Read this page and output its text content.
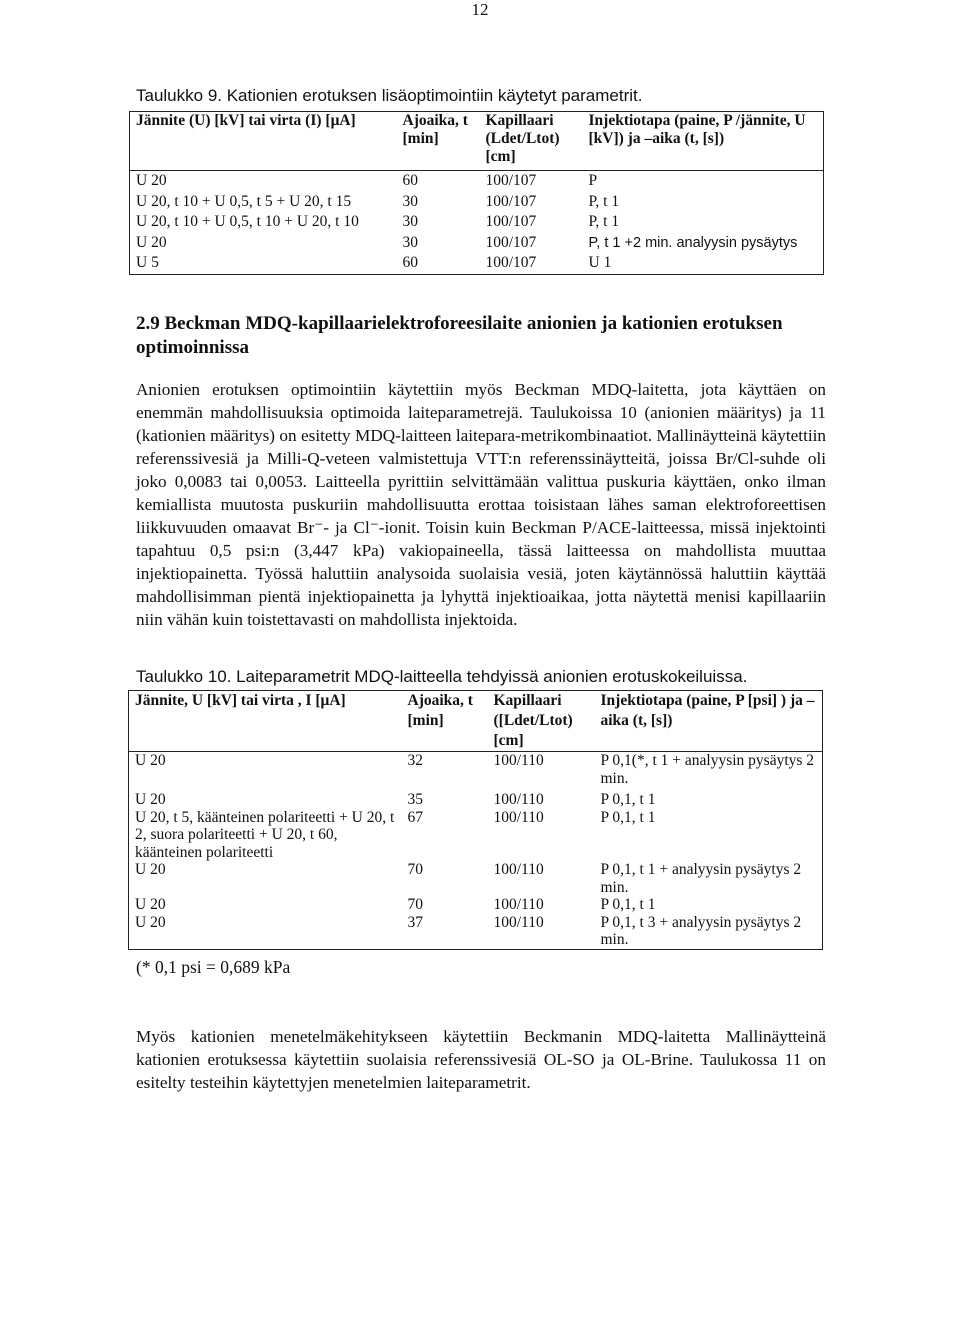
12
Taulukko 9. Kationien erotuksen lisäoptimointiin käytetyt parametrit.
Jännite (U) [kV] tai virta (I) [μA]	Ajoaika, t [min]	Kapillaari (Ldet/Ltot) [cm]	Injektiotapa (paine, P /jännite, U [kV]) ja –aika (t, [s])

U 20	60	100/107	P
U 20, t 10 + U 0,5, t 5 + U 20, t 15	30	100/107	P, t 1
U 20, t 10 + U 0,5, t 10 + U 20, t 10	30	100/107	P, t 1
U 20	30	100/107	P, t 1 +2 min. analyysin pysäytys
U 5	60	100/107	U 1
2.9 Beckman MDQ-kapillaarielektroforeesilaite anionien ja kationien erotuksen optimoinnissa
Anionien erotuksen optimointiin käytettiin myös Beckman MDQ-laitetta, jota käyttäen on enemmän mahdollisuuksia optimoida laiteparametrejä. Taulukoissa 10 (anionien määritys) ja 11 (kationien määritys) on esitetty MDQ-laitteen laitepara-metrikombinaatiot. Mallinäytteinä käytettiin referenssivesiä ja Milli-Q-veteen valmistettuja VTT:n referenssinäytteitä, joissa Br/Cl-suhde oli joko 0,0083 tai 0,0053. Laitteella pyrittiin selvittämään valittua puskuria käyttäen, onko ilman kemiallista muutosta puskuriin mahdollisuutta erottaa toisistaan lähes saman elektroforeettisen liikkuvuuden omaavat Br⁻- ja Cl⁻-ionit. Toisin kuin Beckman P/ACE-laitteessa, missä injektointi tapahtuu 0,5 psi:n (3,447 kPa) vakiopaineella, tässä laitteessa on mahdollista muuttaa injektiopainetta. Työssä haluttiin analysoida suolaisia vesiä, joten käytännössä haluttiin käyttää mahdollisimman pientä injektiopainetta ja lyhyttä injektioaikaa, jotta näytettä menisi kapillaariin niin vähän kuin toistettavasti on mahdollista injektoida.
Taulukko 10. Laiteparametrit MDQ-laitteella tehdyissä anionien erotuskokeiluissa.
Jännite, U [kV] tai virta , I [μA]	Ajoaika, t [min]	Kapillaari ([Ldet/Ltot) [cm]	Injektiotapa (paine, P [psi] ) ja –aika (t, [s])
U 20	32	100/110	P 0,1(*, t 1 + analyysin pysäytys 2 min.
U 20	35	100/110	P 0,1, t 1
U 20, t 5, käänteinen polariteetti + U 20, t 2, suora polariteetti + U 20, t 60, käänteinen polariteetti	67	100/110	P 0,1, t 1
U 20	70	100/110	P 0,1, t 1 + analyysin pysäytys 2 min.
U 20	70	100/110	P 0,1, t 1
U 20	37	100/110	P 0,1, t 3 + analyysin pysäytys 2 min.
(* 0,1 psi = 0,689 kPa
Myös kationien menetelmäkehitykseen käytettiin Beckmanin MDQ-laitetta Mallinäytteinä kationien erotuksessa käytettiin suolaisia referenssivesiä OL-SO ja OL-Brine. Taulukossa 11 on esitelty testeihin käytettyjen menetelmien laiteparametrit.
